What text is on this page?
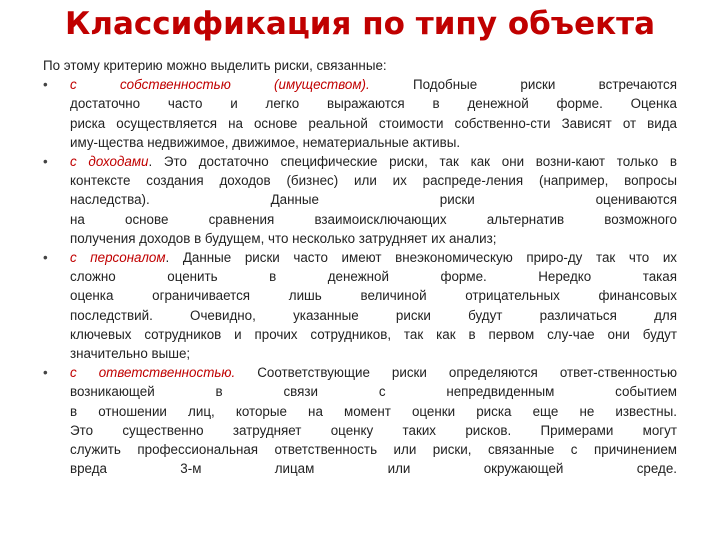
Классификация по типу объекта
По этому критерию можно выделить риски, связанные:
•	с собственностью (имуществом). Подобные риски встречаются
достаточно часто и легко выражаются в денежной форме. Оценка
риска осуществляется на основе реальной стоимости собственно-сти Зависят от вида
иму-щества недвижимое, движимое, нематериальные активы.
•	с доходами. Это достаточно специфические риски, так как они возни-кают только в
контексте создания доходов (бизнес) или их распреде-ления (например, вопросы
наследства). Данные риски оцениваются
на основе сравнения взаимоисключающих альтернатив возможного
получения доходов в будущем, что несколько затрудняет их анализ;
•	с персоналом. Данные риски часто имеют внеэкономическую приро-ду так что их
сложно оценить в денежной форме. Нередко такая
оценка ограничивается лишь величиной отрицательных финансовых
последствий. Очевидно, указанные риски будут различаться для
ключевых сотрудников и прочих сотрудников, так как в первом слу-чае они будут
значительно выше;
•	с ответственностью. Соответствующие риски определяются ответ-ственностью
возникающей в связи с непредвиденным событием
в отношении лиц, которые на момент оценки риска еще не известны.
Это существенно затрудняет оценку таких рисков. Примерами могут
служить профессиональная ответственность или риски, связанные с причинением
вреда 3-м лицам или окружающей среде.
